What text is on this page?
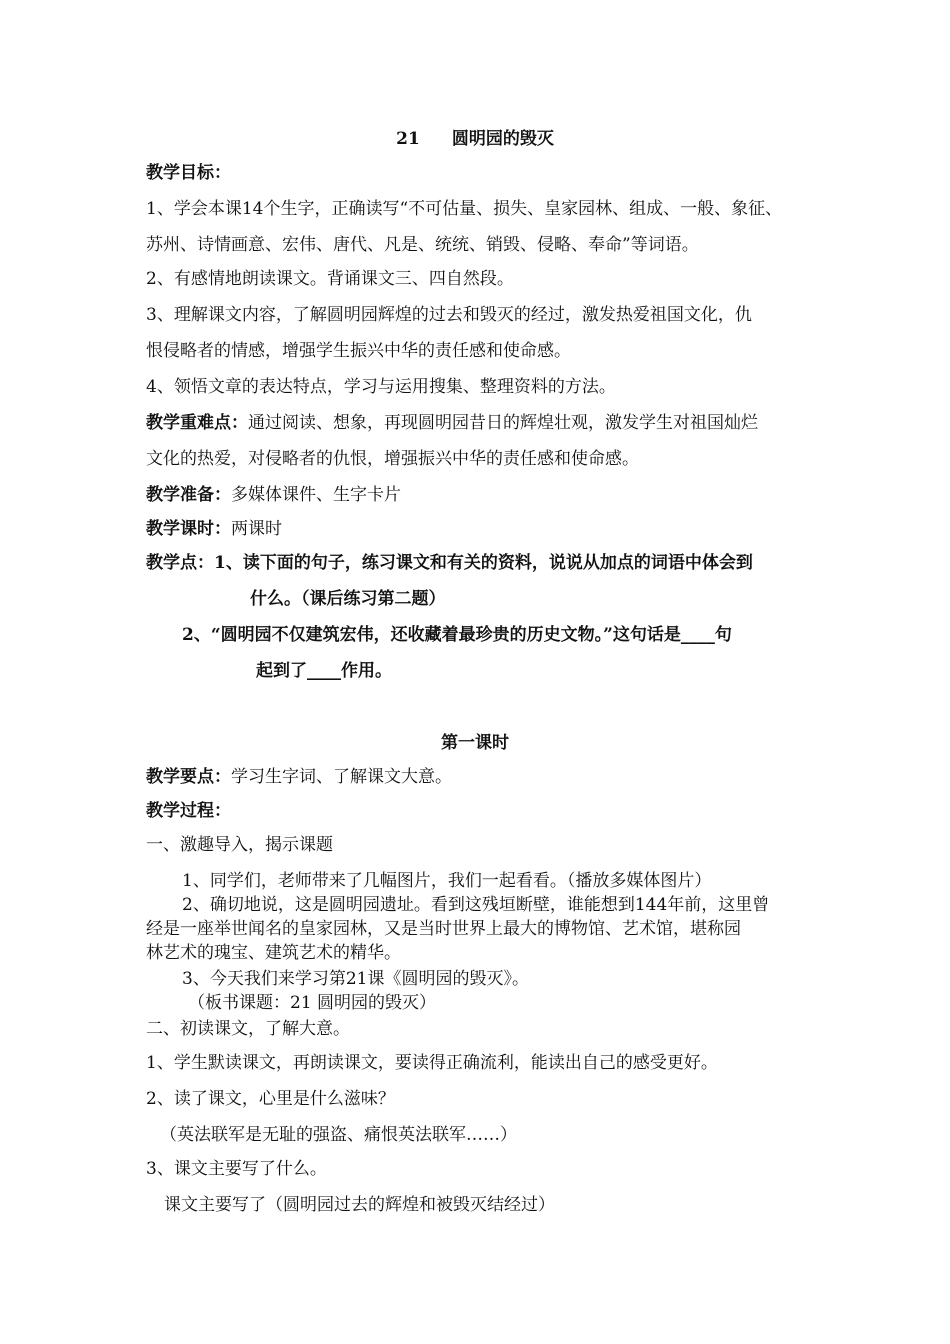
21 圆明园的毁灭
教学目标：
1、学会本课14个生字，正确读写“不可估量、损失、皇家园林、组成、一般、象征、
苏州、诗情画意、宏伟、唐代、凡是、统统、销毁、侵略、奉命”等词语。
2、有感情地朗读课文。背诵课文三、四自然段。
3、理解课文内容，了解圆明园辉煌的过去和毁灭的经过，激发热爱祖国文化，仇
恨侵略者的情感，增强学生振兴中华的责任感和使命感。
4、领悟文章的表达特点，学习与运用搜集、整理资料的方法。
教学重难点：通过阅读、想象，再现圆明园昔日的辉煌壮观，激发学生对祖国灿烂
文化的热爱，对侵略者的仇恨，增强振兴中华的责任感和使命感。
教学准备：多媒体课件、生字卡片
教学课时：两课时
教学点：1、读下面的句子，练习课文和有关的资料，说说从加点的词语中体会到
什么。（课后练习第二题）
2、“圆明园不仅建筑宏伟，还收藏着最珍贵的历史文物。”这句话是____句
起到了____作用。
第一课时
教学要点：学习生字词、了解课文大意。
教学过程：
一、激趣导入，揭示课题
1、同学们，老师带来了几幅图片，我们一起看看。（播放多媒体图片）
2、确切地说，这是圆明园遗址。看到这残垣断壁，谁能想到144年前，这里曾
经是一座举世闻名的皇家园林，又是当时世界上最大的博物馆、艺术馆，堪称园
林艺术的瑰宝、建筑艺术的精华。
3、今天我们来学习第21课《圆明园的毁灭》。
（板书课题：21 圆明园的毁灭）
二、初读课文，了解大意。
1、学生默读课文，再朗读课文，要读得正确流利，能读出自己的感受更好。
2、读了课文，心里是什么滋味？
（英法联军是无耻的强盗、痛恨英法联军……）
3、课文主要写了什么。
课文主要写了（圆明园过去的辉煌和被毁灭结经过）
